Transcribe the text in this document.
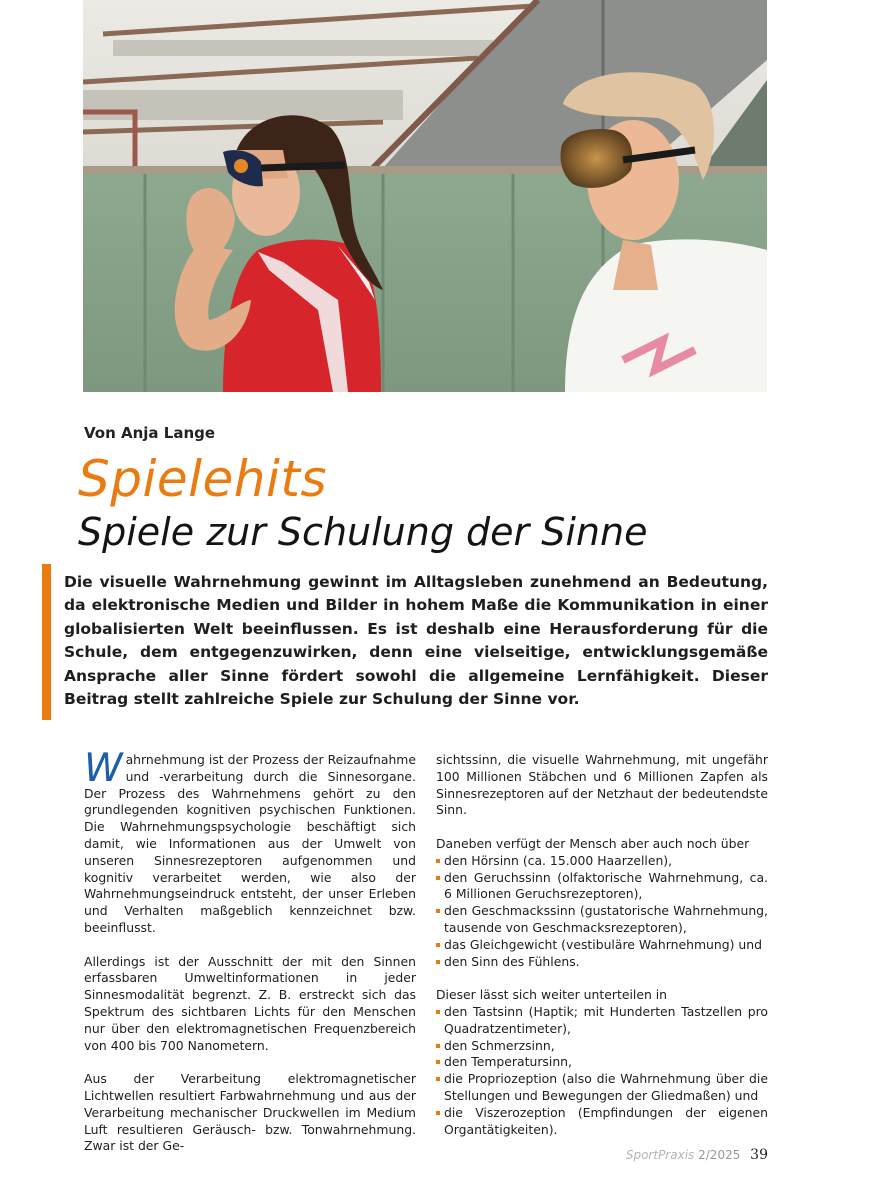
Von Anja Lange
Spielehits
Spiele zur Schulung der Sinne

Die visuelle Wahrnehmung gewinnt im Alltagsleben zunehmend an Bedeutung, da elektronische Medien und Bilder in hohem Maße die Kommunikation in einer globalisierten Welt beeinflussen. Es ist deshalb eine Herausforderung für die Schule, dem entgegenzuwirken, denn eine vielseitige, entwicklungsgemäße Ansprache aller Sinne fördert sowohl die allgemeine Lernfähigkeit. Dieser Beitrag stellt zahlreiche Spiele zur Schulung der Sinne vor.

Wahrnehmung ist der Prozess der Reizaufnahme und -verarbeitung durch die Sinnesorgane. Der Prozess des Wahrnehmens gehört zu den grundlegenden kognitiven psychischen Funktionen. Die Wahrnehmungspsychologie beschäftigt sich damit, wie Informationen aus der Umwelt von unseren Sinnesrezeptoren aufgenommen und kognitiv verarbeitet werden, wie also der Wahrnehmungseindruck entsteht, der unser Erleben und Verhalten maßgeblich kennzeichnet bzw. beeinflusst.

Allerdings ist der Ausschnitt der mit den Sinnen erfassbaren Umweltinformationen in jeder Sinnesmodalität begrenzt. Z. B. erstreckt sich das Spektrum des sichtbaren Lichts für den Menschen nur über den elektromagnetischen Frequenzbereich von 400 bis 700 Nanometern.

Aus der Verarbeitung elektromagnetischer Lichtwellen resultiert Farbwahrnehmung und aus der Verarbeitung mechanischer Druckwellen im Medium Luft resultieren Geräusch- bzw. Tonwahrnehmung. Zwar ist der Ge-

sichtssinn, die visuelle Wahrnehmung, mit ungefähr 100 Millionen Stäbchen und 6 Millionen Zapfen als Sinnesrezeptoren auf der Netzhaut der bedeutendste Sinn.

Daneben verfügt der Mensch aber auch noch über
den Hörsinn (ca. 15.000 Haarzellen),
den Geruchssinn (olfaktorische Wahrnehmung, ca. 6 Millionen Geruchsrezeptoren),
den Geschmackssinn (gustatorische Wahrnehmung, tausende von Geschmacksrezeptoren),
das Gleichgewicht (vestibuläre Wahrnehmung) und
den Sinn des Fühlens.
Dieser lässt sich weiter unterteilen in
den Tastsinn (Haptik; mit Hunderten Tastzellen pro Quadratzentimeter),
den Schmerzsinn,
den Temperatursinn,
die Propriozeption (also die Wahrnehmung über die Stellungen und Bewegungen der Gliedmaßen) und
die Viszerozeption (Empfindungen der eigenen Organtätigkeiten).
SportPraxis 2/2025 39
